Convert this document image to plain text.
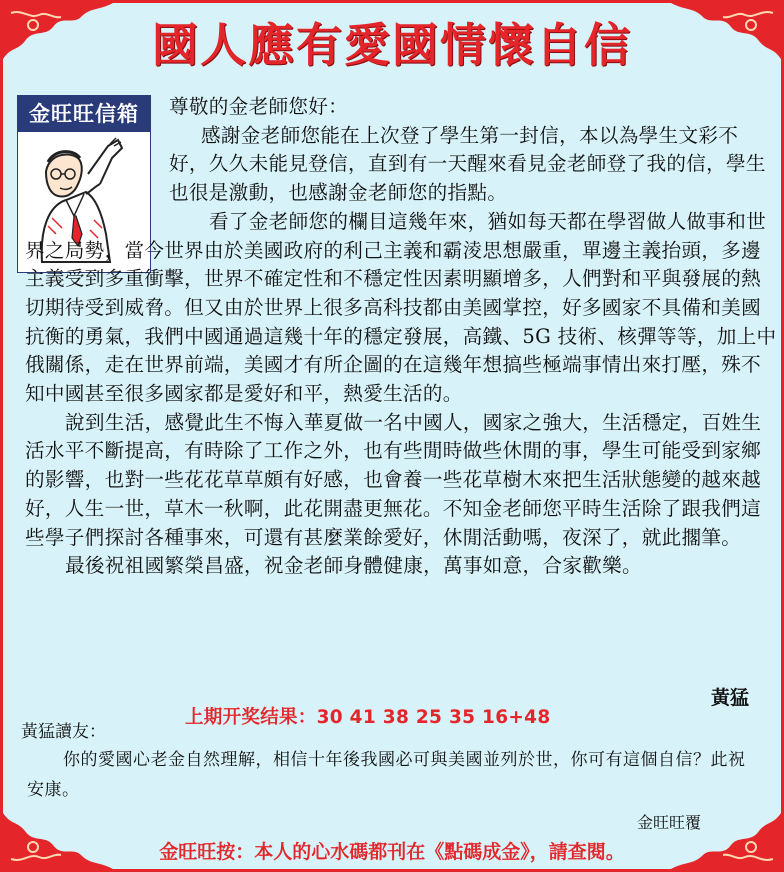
國人應有愛國情懷自信
金旺旺信箱	尊敬的金老師您好：

感謝金老師您能在上次登了學生第一封信，本以為學生文彩不好，久久未能見登信，直到有一天醒來看見金老師登了我的信，學生也很是激動，也感謝金老師您的指點。

看了金老師您的欄目這幾年來，猶如每天都在學習做人做事和世界之局勢，當今世界由於美國政府的利己主義和霸淩思想嚴重，單邊主義抬頭，多邊主義受到多重衝擊，世界不確定性和不穩定性因素明顯增多，人們對和平與發展的熱切期待受到威脅。但又由於世界上很多高科技都由美國掌控，好多國家不具備和美國抗衡的勇氣，我們中國通過這幾十年的穩定發展，高鐵、5G 技術、核彈等等，加上中俄關係，走在世界前端，美國才有所企圖的在這幾年想搞些極端事情出來打壓，殊不知中國甚至很多國家都是愛好和平，熱愛生活的。

說到生活，感覺此生不悔入華夏做一名中國人，國家之強大，生活穩定，百姓生活水平不斷提高，有時除了工作之外，也有些閒時做些休閒的事，學生可能受到家鄉的影響，也對一些花花草草頗有好感，也會養一些花草樹木來把生活狀態變的越來越好，人生一世，草木一秋啊，此花開盡更無花。不知金老師您平時生活除了跟我們這些學子們探討各種事來，可還有甚麼業餘愛好，休閒活動嗎，夜深了，就此擱筆。

最後祝祖國繁榮昌盛，祝金老師身體健康，萬事如意，合家歡樂。

黃猛
上期开奖结果：30 41 38 25 35 16+48
黃猛讀友：

你的愛國心老金自然理解，相信十年後我國必可與美國並列於世，你可有這個自信？此祝安康。

金旺旺覆
金旺旺按：本人的心水碼都刊在《點碼成金》，請查閱。
